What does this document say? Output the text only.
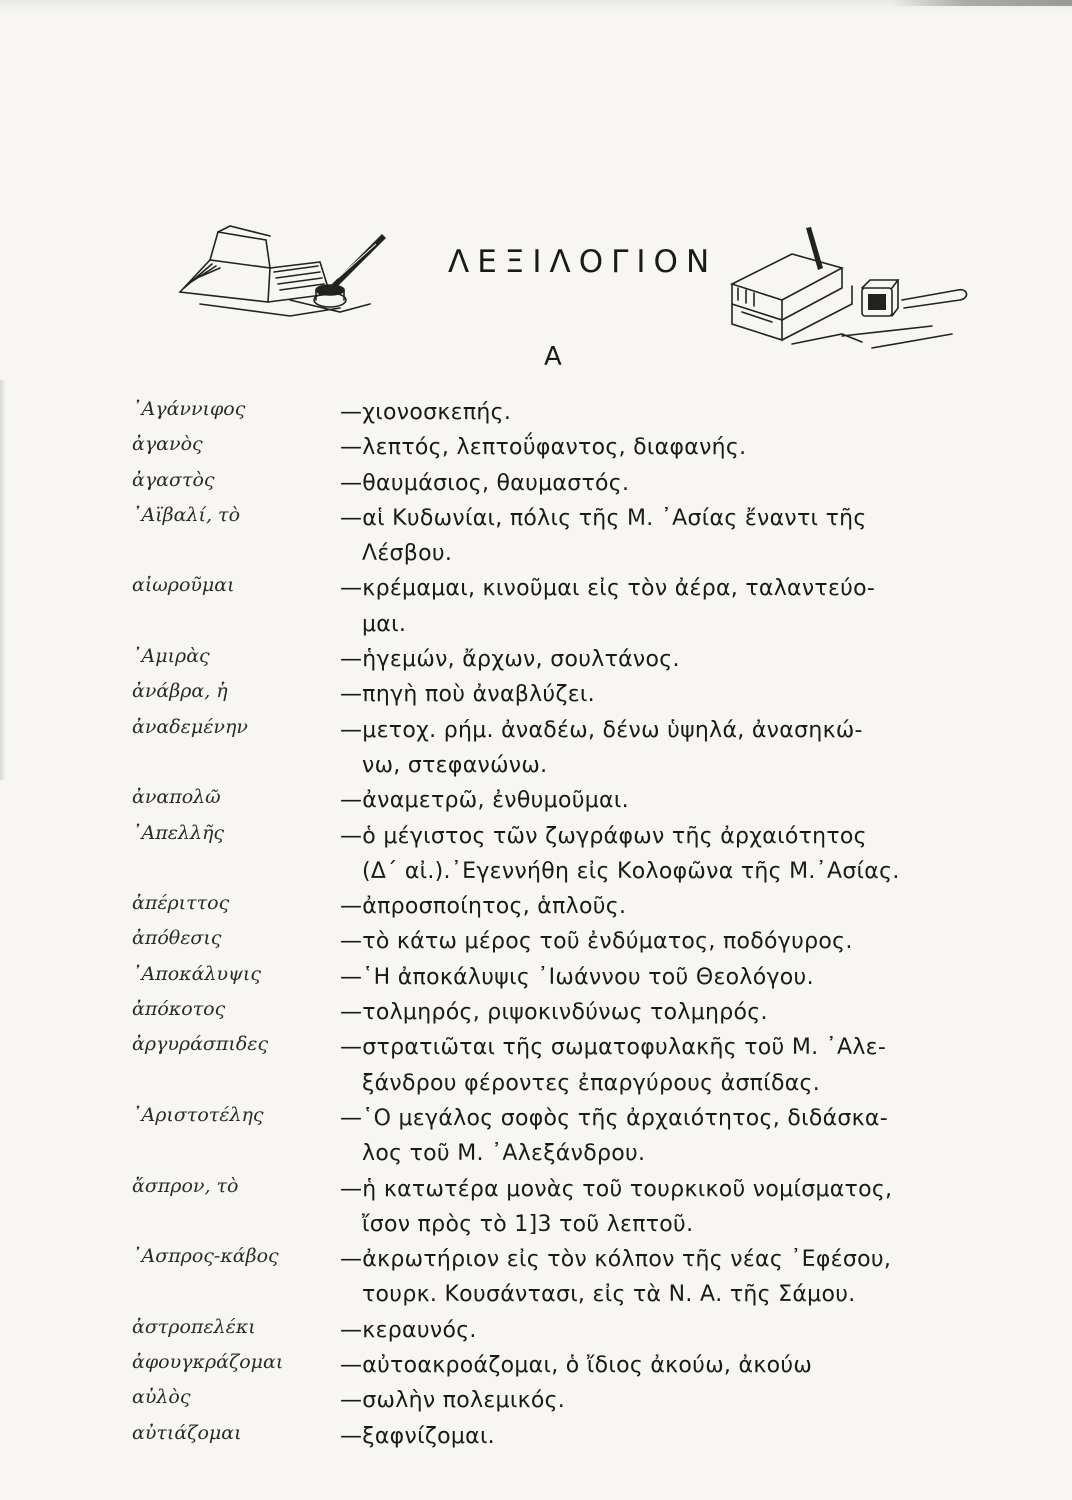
ΛΕΞΙΛΟΓΙΟΝ
Α
᾿Αγάννιφος	—χιονοσκεπής.
ἀγανὸς	—λεπτός, λεπτοΰφαντος, διαφανής.
ἀγαστὸς	—θαυμάσιος, θαυμαστός.
᾿Αϊβαλί, τὸ	—αἱ Κυδωνίαι, πόλις τῆς Μ. ᾿Ασίας ἔναντι τῆς
Λέσβου.
αἰωροῦμαι	—κρέμαμαι, κινοῦμαι εἰς τὸν ἀέρα, ταλαντεύο-
μαι.
᾿Αμιρὰς	—ἡγεμών, ἄρχων, σουλτάνος.
ἀνάβρα, ἡ	—πηγὴ ποὺ ἀναβλύζει.
ἀναδεμένην	—μετοχ. ρήμ. ἀναδέω, δένω ὑψηλά, ἀνασηκώ-
νω, στεφανώνω.
ἀναπολῶ	—ἀναμετρῶ, ἐνθυμοῦμαι.
᾿Απελλῆς	—ὁ μέγιστος τῶν ζωγράφων τῆς ἀρχαιότητος
(Δ´ αἰ.).᾿Εγεννήθη εἰς Κολοφῶνα τῆς Μ.᾿Ασίας.
ἀπέριττος	—ἀπροσποίητος, ἁπλοῦς.
ἀπόθεσις	—τὸ κάτω μέρος τοῦ ἐνδύματος, ποδόγυρος.
᾿Αποκάλυψις	—῾Η ἀποκάλυψις ᾿Ιωάννου τοῦ Θεολόγου.
ἀπόκοτος	—τολμηρός, ριψοκινδύνως τολμηρός.
ἀργυράσπιδες	—στρατιῶται τῆς σωματοφυλακῆς τοῦ Μ. ᾿Αλε-
ξάνδρου φέροντες ἐπαργύρους ἀσπίδας.
᾿Αριστοτέλης	—῾Ο μεγάλος σοφὸς τῆς ἀρχαιότητος, διδάσκα-
λος τοῦ Μ. ᾿Αλεξάνδρου.
ἄσπρον, τὸ	—ἡ κατωτέρα μονὰς τοῦ τουρκικοῦ νομίσματος,
ἴσον πρὸς τὸ 1]3 τοῦ λεπτοῦ.
᾿Ασπρος-κάβος	—ἀκρωτήριον εἰς τὸν κόλπον τῆς νέας ᾿Εφέσου,
τουρκ. Κουσάντασι, εἰς τὰ Ν. Α. τῆς Σάμου.
ἀστροπελέκι	—κεραυνός.
ἀφουγκράζομαι	—αὐτοακροάζομαι, ὁ ἴδιος ἀκούω, ἀκούω
αὐλὸς	—σωλὴν πολεμικός.
αὐτιάζομαι	—ξαφνίζομαι.
